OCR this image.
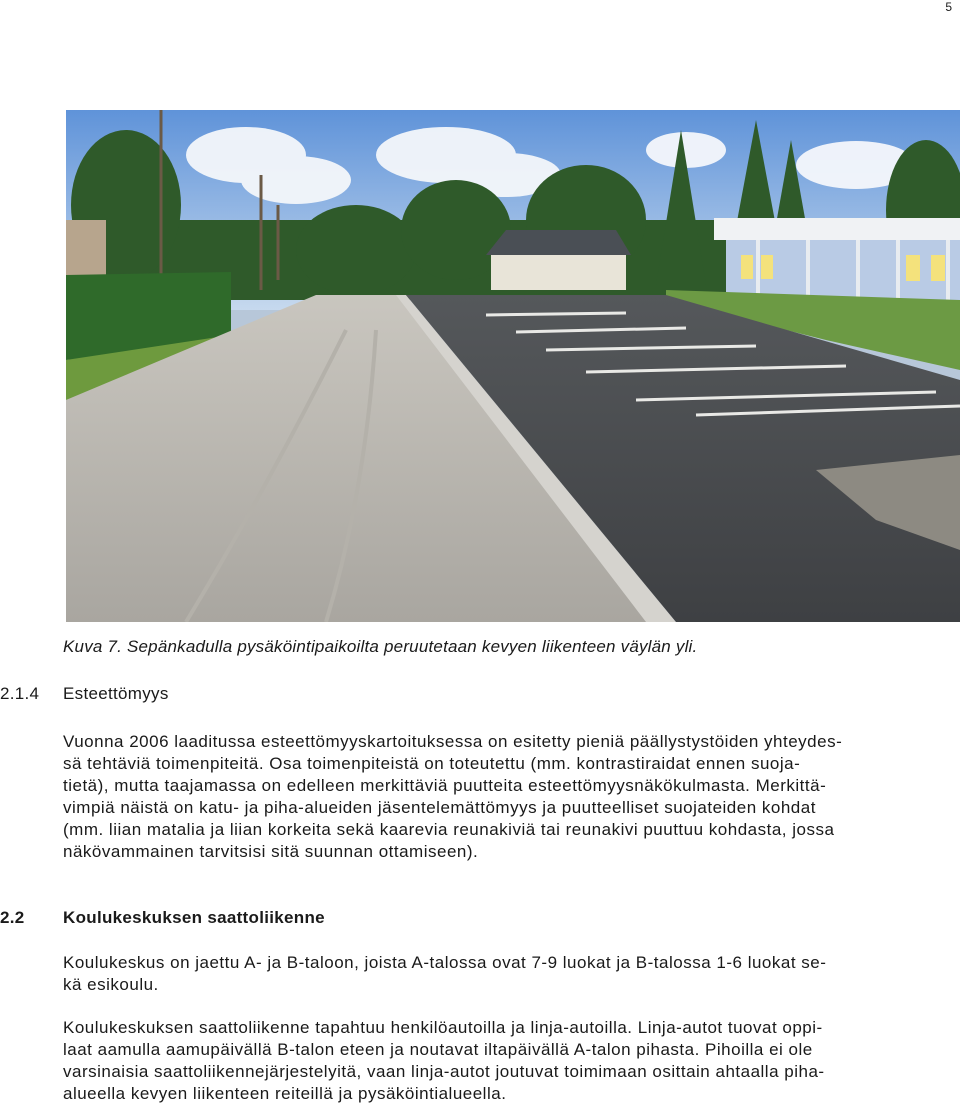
5
Kuva 7. Sepänkadulla pysäköintipaikoilta peruutetaan kevyen liikenteen väylän yli.
2.1.4 Esteettömyys

Vuonna 2006 laaditussa esteettömyyskartoituksessa on esitetty pieniä päällystystöiden yhteydes-
sä tehtäviä toimenpiteitä. Osa toimenpiteistä on toteutettu (mm. kontrastiraidat ennen suoja-
tietä), mutta taajamassa on edelleen merkittäviä puutteita esteettömyysnäkökulmasta. Merkittä-
vimpiä näistä on katu- ja piha-alueiden jäsentelemättömyys ja puutteelliset suojateiden kohdat
(mm. liian matalia ja liian korkeita sekä kaarevia reunakiviä tai reunakivi puuttuu kohdasta, jossa
näkövammainen tarvitsisi sitä suunnan ottamiseen).

2.2 Koulukeskuksen saattoliikenne

Koulukeskus on jaettu A- ja B-taloon, joista A-talossa ovat 7-9 luokat ja B-talossa 1-6 luokat se-
kä esikoulu.

Koulukeskuksen saattoliikenne tapahtuu henkilöautoilla ja linja-autoilla. Linja-autot tuovat oppi-
laat aamulla aamupäivällä B-talon eteen ja noutavat iltapäivällä A-talon pihasta. Pihoilla ei ole
varsinaisia saattoliikennejärjestelyitä, vaan linja-autot joutuvat toimimaan osittain ahtaalla piha-
alueella kevyen liikenteen reiteillä ja pysäköintialueella.
